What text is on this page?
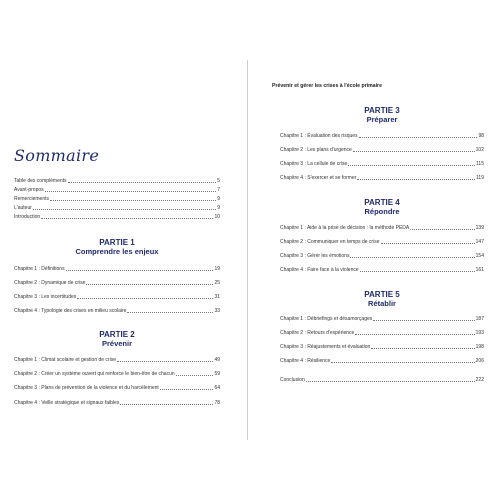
Sommaire
Table des compléments	5
Avant-propos	7
Remerciements	9
L'auteur	9
Introduction	10
PARTIE 1
Comprendre les enjeux
Chapitre 1 : Définitions	19
Chapitre 2 : Dynamique de crise	25
Chapitre 3 : Les incertitudes	31
Chapitre 4 : Typologie des crises en milieu scolaire	33
PARTIE 2
Prévenir
Chapitre 1 : Climat scolaire et gestion de crise	49
Chapitre 2 : Créer un système ouvert qui renforce le bien-être de chacun	59
Chapitre 3 : Plans de prévention de la violence et du harcèlement	64
Chapitre 4 : Veille stratégique et signaux faibles	78
Prévenir et gérer les crises à l'école primaire
PARTIE 3
Préparer
Chapitre 1 : Évaluation des risques	98
Chapitre 2 : Les plans d'urgence	102
Chapitre 3 : La cellule de crise	115
Chapitre 4 : S'exercer et se former	119
PARTIE 4
Répondre
Chapitre 1 : Aide à la prise de décision : la méthode PEDA	139
Chapitre 2 : Communiquer en temps de crise	147
Chapitre 3 : Gérer les émotions	154
Chapitre 4 : Faire face à la violence	161
PARTIE 5
Rétablir
Chapitre 1 : Débriefings et désamorçages	187
Chapitre 2 : Retours d'expérience	193
Chapitre 3 : Réajustements et évaluation	198
Chapitre 4 : Résilience	206
Conclusion	222
